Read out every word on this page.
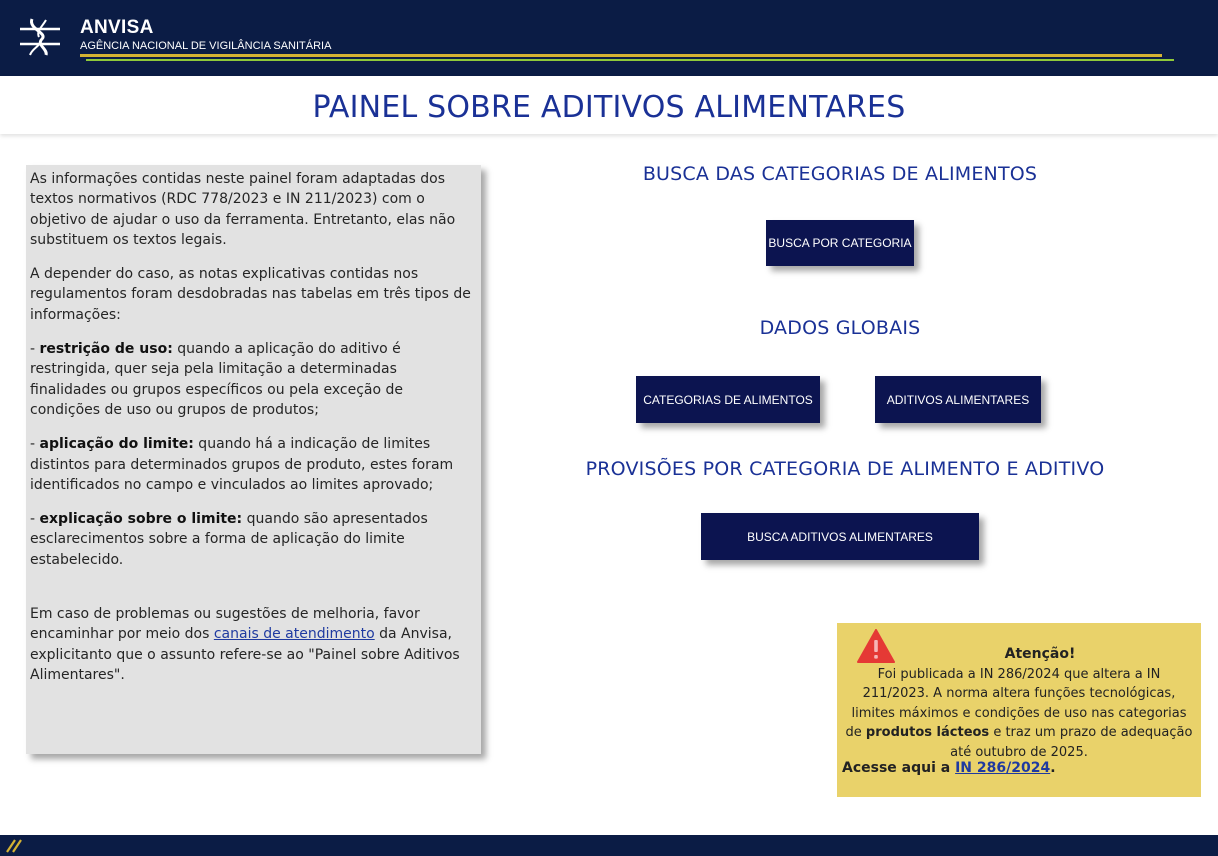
ANVISA
AGÊNCIA NACIONAL DE VIGILÂNCIA SANITÁRIA
PAINEL SOBRE ADITIVOS ALIMENTARES

As informações contidas neste painel foram adaptadas dos textos normativos (RDC 778/2023 e IN 211/2023) com o objetivo de ajudar o uso da ferramenta. Entretanto, elas não substituem os textos legais.

A depender do caso, as notas explicativas contidas nos regulamentos foram desdobradas nas tabelas em três tipos de informações:

- restrição de uso: quando a aplicação do aditivo é restringida, quer seja pela limitação a determinadas finalidades ou grupos específicos ou pela exceção de condições de uso ou grupos de produtos;

- aplicação do limite: quando há a indicação de limites distintos para determinados grupos de produto, estes foram identificados no campo e vinculados ao limites aprovado;

- explicação sobre o limite: quando são apresentados esclarecimentos sobre a forma de aplicação do limite estabelecido.

Em caso de problemas ou sugestões de melhoria, favor encaminhar por meio dos canais de atendimento da Anvisa, explicitanto que o assunto refere-se ao "Painel sobre Aditivos Alimentares".

BUSCA DAS CATEGORIAS DE ALIMENTOS
BUSCA POR CATEGORIA
DADOS GLOBAIS
CATEGORIAS DE ALIMENTOS	ADITIVOS ALIMENTARES
PROVISÕES POR CATEGORIA DE ALIMENTO E ADITIVO
BUSCA ADITIVOS ALIMENTARES
Atenção!
Foi publicada a IN 286/2024 que altera a IN 211/2023. A norma altera funções tecnológicas, limites máximos e condições de uso nas categorias de produtos lácteos e traz um prazo de adequação até outubro de 2025.
Acesse aqui a IN 286/2024.
